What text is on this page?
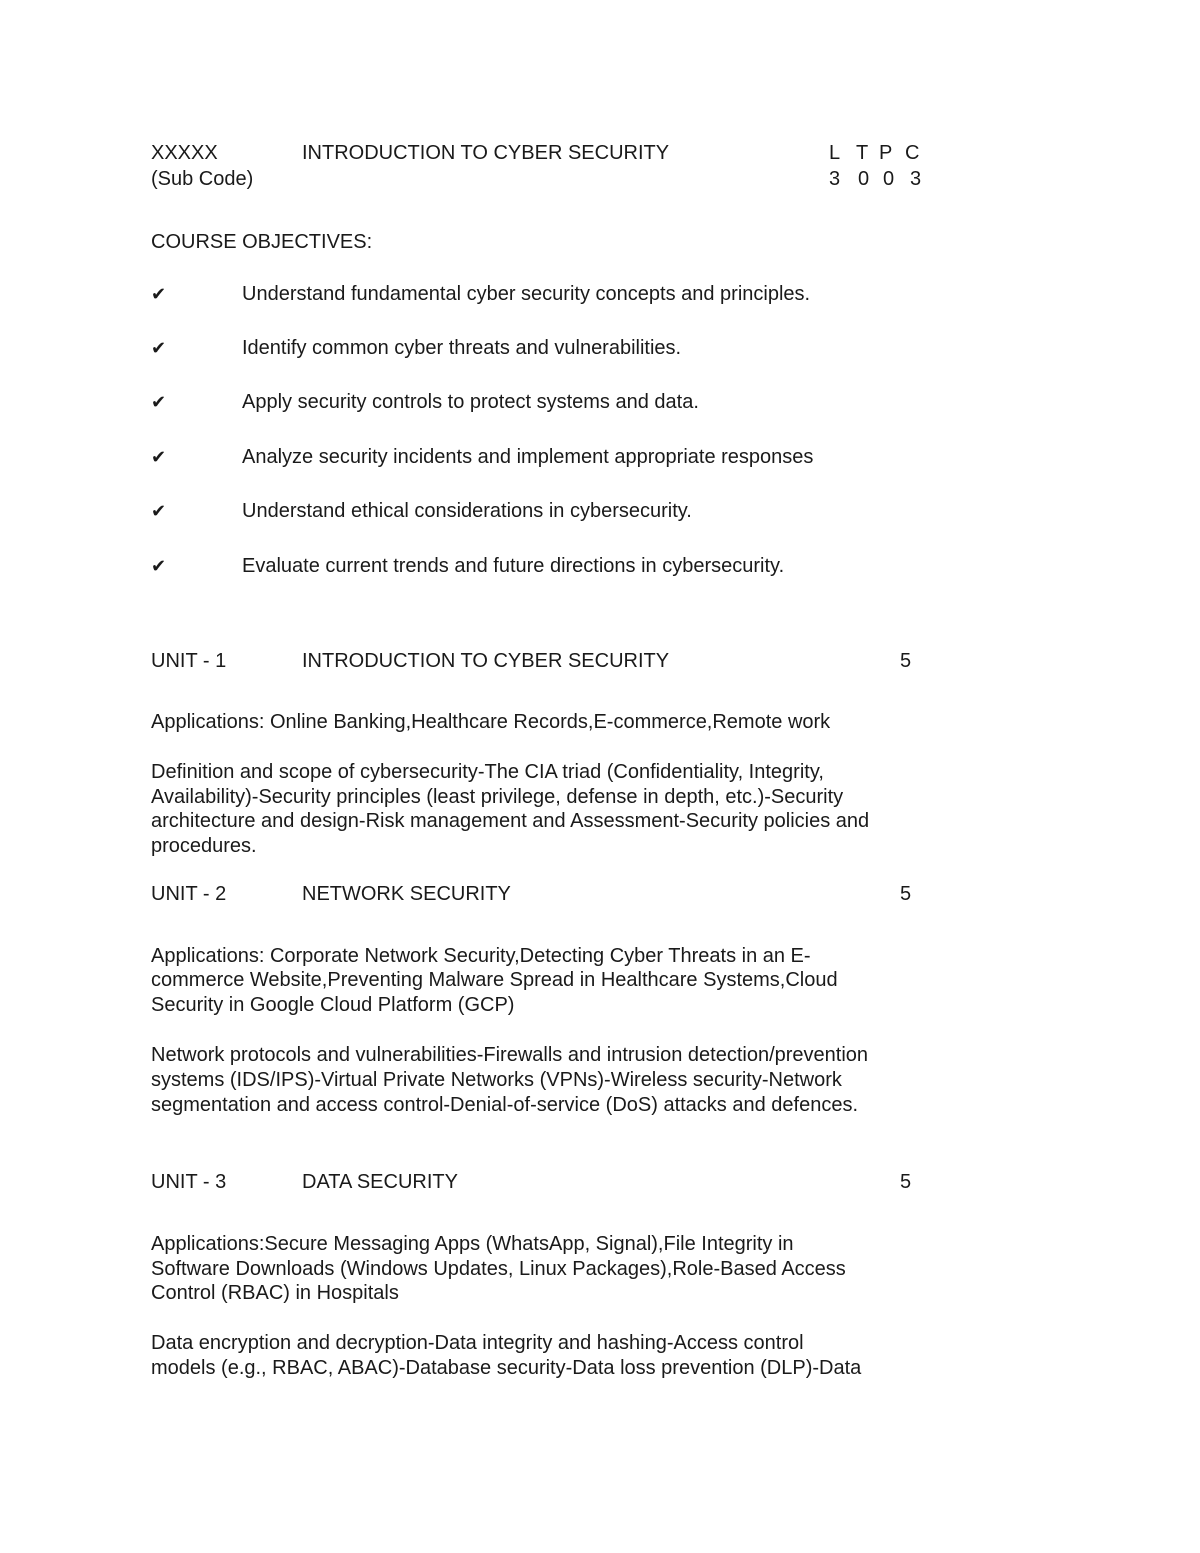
XXXXX	INTRODUCTION TO CYBER SECURITY	L T P C
(Sub Code)	3 0 0 3
COURSE OBJECTIVES:
✔	Understand fundamental cyber security concepts and principles.
✔	Identify common cyber threats and vulnerabilities.
✔	Apply security controls to protect systems and data.
✔	Analyze security incidents and implement appropriate responses
✔	Understand ethical considerations in cybersecurity.
✔	Evaluate current trends and future directions in cybersecurity.
UNIT - 1	INTRODUCTION TO CYBER SECURITY	5
Applications: Online Banking,Healthcare Records,E-commerce,Remote work
Definition and scope of cybersecurity-The CIA triad (Confidentiality, Integrity,
Availability)-Security principles (least privilege, defense in depth, etc.)-Security
architecture and design-Risk management and Assessment-Security policies and
procedures.
UNIT - 2	NETWORK SECURITY	5
Applications: Corporate Network Security,Detecting Cyber Threats in an E-
commerce Website,Preventing Malware Spread in Healthcare Systems,Cloud
Security in Google Cloud Platform (GCP)
Network protocols and vulnerabilities-Firewalls and intrusion detection/prevention
systems (IDS/IPS)-Virtual Private Networks (VPNs)-Wireless security-Network
segmentation and access control-Denial-of-service (DoS) attacks and defences.
UNIT - 3	DATA SECURITY	5
Applications:Secure Messaging Apps (WhatsApp, Signal),File Integrity in
Software Downloads (Windows Updates, Linux Packages),Role-Based Access
Control (RBAC) in Hospitals
Data encryption and decryption-Data integrity and hashing-Access control
models (e.g., RBAC, ABAC)-Database security-Data loss prevention (DLP)-Data
